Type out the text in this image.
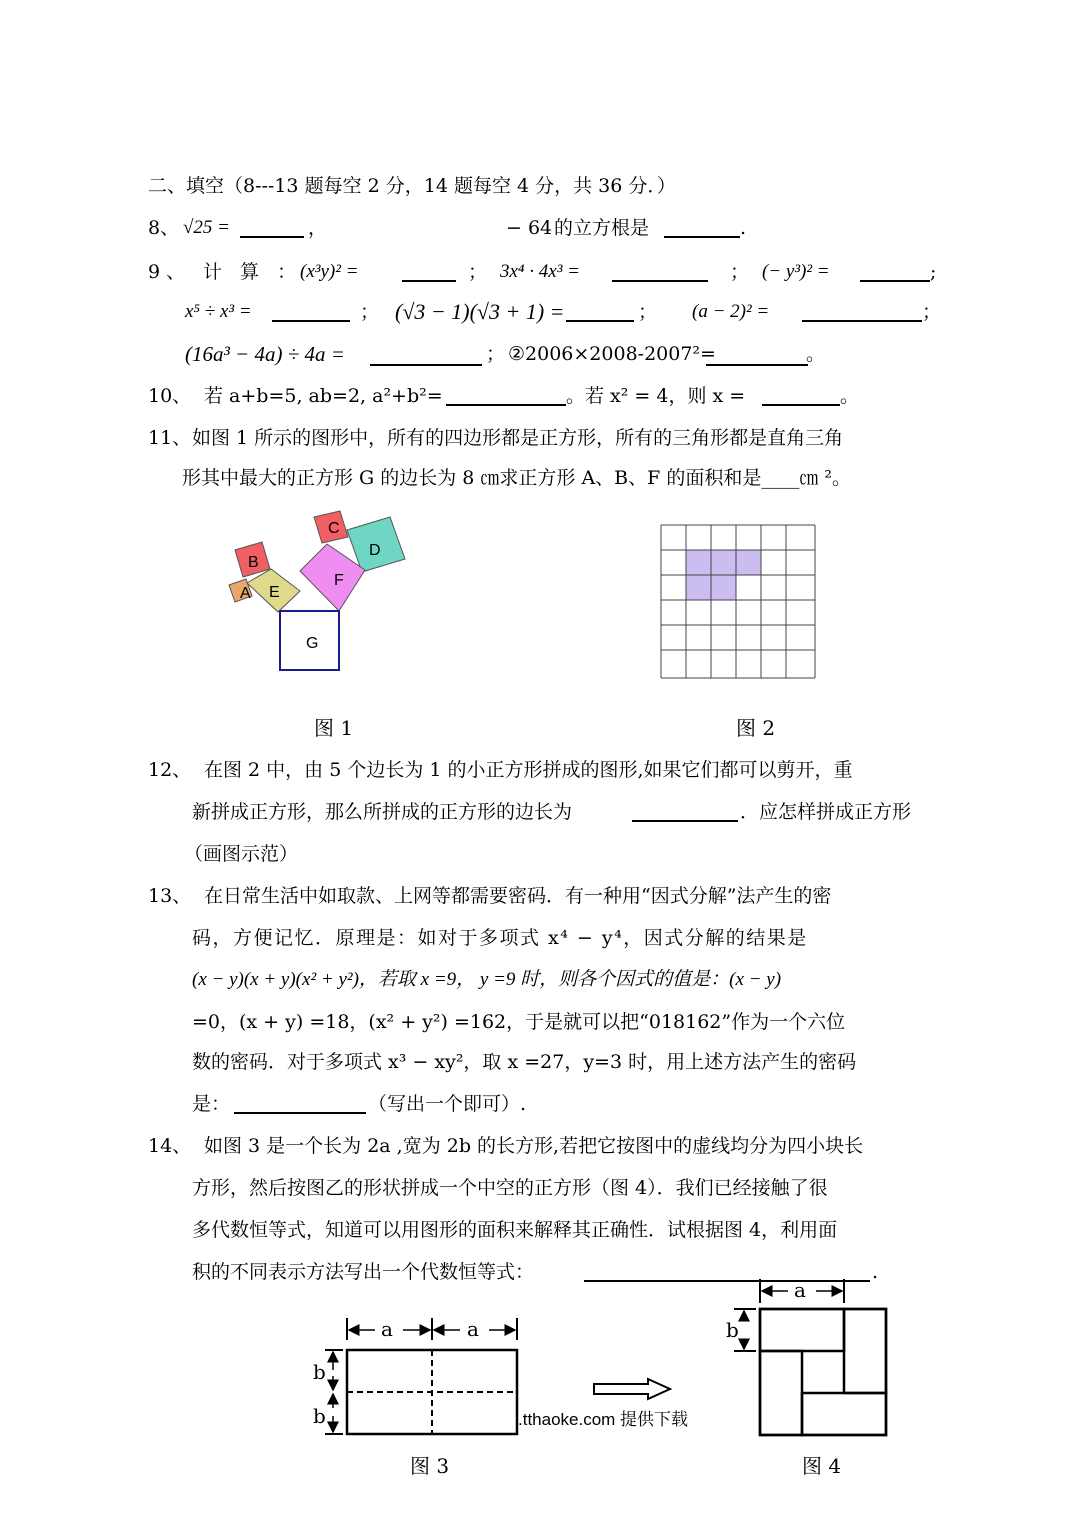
二、填空（8---13 题每空 2 分，14 题每空 4 分，共 36 分．）
8、 √25 =	，	− 64 的立方根是	.
9 、 计 算 ：
(x³y)² =	； 3x⁴ · 4x³ =	； (− y³)² =	;
x⁵ ÷ x³ =	； (√3 − 1)(√3 + 1) =	； (a − 2)² =	；
(16a³ − 4a) ÷ 4a =	； ②2006×2008-2007²=	。
10、 若 a+b=5, ab=2, a²+b²=	。若 x² = 4，则 x =	。
11、 如图 1 所示的图形中，所有的四边形都是正方形，所有的三角形都是直角三角
形其中最大的正方形 G 的边长为 8 ㎝求正方形 A、B、F 的面积和是____㎝ ²。
A
B
C
D
E
F
G
图 1	图 2
12、 在图 2 中，由 5 个边长为 1 的小正方形拼成的图形,如果它们都可以剪开，重
新拼成正方形，那么所拼成的正方形的边长为	．应怎样拼成正方形
（画图示范）
13、 在日常生活中如取款、上网等都需要密码．有一种用“因式分解”法产生的密
码，方便记忆．原理是：如对于多项式 x⁴ − y⁴，因式分解的结果是
(x − y)(x + y)(x² + y²)，若取 x =9， y =9 时，则各个因式的值是：(x − y)
=0，(x + y) =18，(x² + y²) =162，于是就可以把“018162”作为一个六位
数的密码．对于多项式 x³ − xy²，取 x =27，y=3 时，用上述方法产生的密码
是：	（写出一个即可）.
14、 如图 3 是一个长为 2a ,宽为 2b 的长方形,若把它按图中的虚线均分为四小块长
方形，然后按图乙的形状拼成一个中空的正方形（图 4）．我们已经接触了很
多代数恒等式，知道可以用图形的面积来解释其正确性．试根据图 4，利用面
积的不同表示方法写出一个代数恒等式：	.
a	a
b
b	.tthaoke.com 提供下载
a
b
图 3	图 4
